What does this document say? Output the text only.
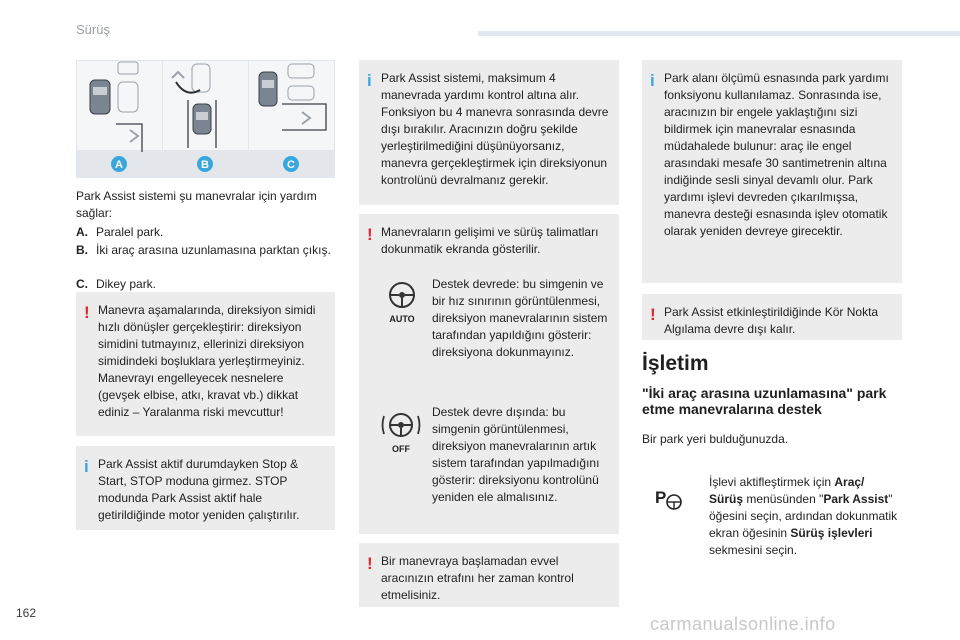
Sürüş
A	B	C
Park Assist sistemi şu manevralar için yardım sağlar:
A. Paralel park.
B. İki araç arasına uzunlamasına parktan çıkış.
C. Dikey park.
! Manevra aşamalarında, direksiyon simidi hızlı dönüşler gerçekleştirir: direksiyon simidini tutmayınız, ellerinizi direksiyon simidindeki boşluklara yerleştirmeyiniz. Manevrayı engelleyecek nesnelere (gevşek elbise, atkı, kravat vb.) dikkat ediniz – Yaralanma riski mevcuttur!
i Park Assist aktif durumdayken Stop & Start, STOP moduna girmez. STOP modunda Park Assist aktif hale getirildiğinde motor yeniden çalıştırılır.
i Park Assist sistemi, maksimum 4 manevrada yardımı kontrol altına alır. Fonksiyon bu 4 manevra sonrasında devre dışı bırakılır. Aracınızın doğru şekilde yerleştirilmediğini düşünüyorsanız, manevra gerçekleştirmek için direksiyonun kontrolünü devralmanız gerekir.
! Manevraların gelişimi ve sürüş talimatları dokunmatik ekranda gösterilir.
AUTO
Destek devrede: bu simgenin ve bir hız sınırının görüntülenmesi, direksiyon manevralarının sistem tarafından yapıldığını gösterir: direksiyona dokunmayınız.
OFF
Destek devre dışında: bu simgenin görüntülenmesi, direksiyon manevralarının artık sistem tarafından yapılmadığını gösterir: direksiyonu kontrolünü yeniden ele almalısınız.
! Bir manevraya başlamadan evvel aracınızın etrafını her zaman kontrol etmelisiniz.
i Park alanı ölçümü esnasında park yardımı fonksiyonu kullanılamaz. Sonrasında ise, aracınızın bir engele yaklaştığını sizi bildirmek için manevralar esnasında müdahalede bulunur: araç ile engel arasındaki mesafe 30 santimetrenin altına indiğinde sesli sinyal devamlı olur. Park yardımı işlevi devreden çıkarılmışsa, manevra desteği esnasında işlev otomatik olarak yeniden devreye girecektir.
! Park Assist etkinleştirildiğinde Kör Nokta Algılama devre dışı kalır.
İşletim
"İki araç arasına uzunlamasına" park etme manevralarına destek
Bir park yeri bulduğunuzda.
P
İşlevi aktifleştirmek için Araç/ Sürüş menüsünden "Park Assist" öğesini seçin, ardından dokunmatik ekran öğesinin Sürüş işlevleri sekmesini seçin.
162
carmanualsonline.info
